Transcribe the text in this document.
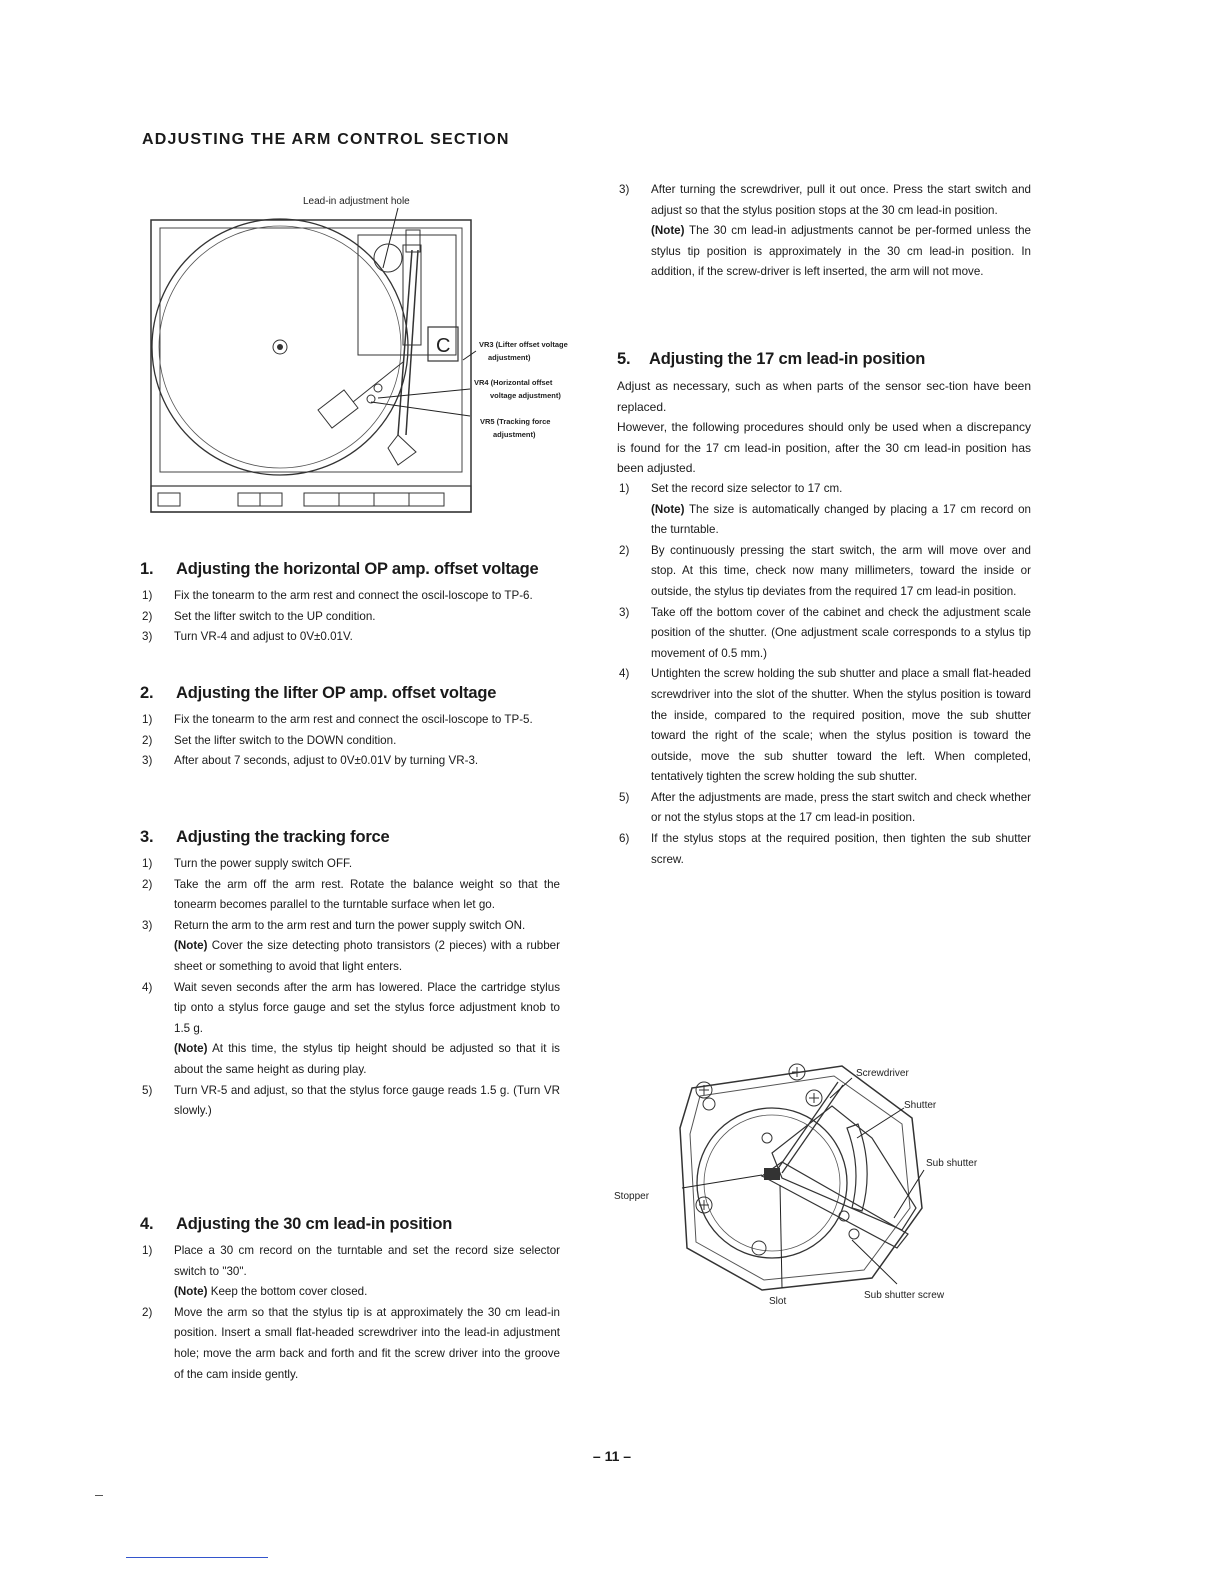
ADJUSTING THE ARM CONTROL SECTION
Lead-in adjustment hole
C	VR3 (Lifter offset voltage
adjustment)
VR4 (Horizontal offset
voltage adjustment)
VR5 (Tracking force
adjustment)
1. Adjusting the horizontal OP amp. offset voltage
1)	Fix the tonearm to the arm rest and connect the oscil-loscope to TP-6.
2)	Set the lifter switch to the UP condition.
3)	Turn VR-4 and adjust to 0V±0.01V.
2. Adjusting the lifter OP amp. offset voltage
1)	Fix the tonearm to the arm rest and connect the oscil-loscope to TP-5.
2)	Set the lifter switch to the DOWN condition.
3)	After about 7 seconds, adjust to 0V±0.01V by turning VR-3.
3. Adjusting the tracking force
1)	Turn the power supply switch OFF.
2)	Take the arm off the arm rest. Rotate the balance weight so that the tonearm becomes parallel to the turntable surface when let go.
3)	Return the arm to the arm rest and turn the power supply switch ON.
(Note) Cover the size detecting photo transistors (2 pieces) with a rubber sheet or something to avoid that light enters.
4)	Wait seven seconds after the arm has lowered. Place the cartridge stylus tip onto a stylus force gauge and set the stylus force adjustment knob to 1.5 g.
(Note) At this time, the stylus tip height should be adjusted so that it is about the same height as during play.
5)	Turn VR-5 and adjust, so that the stylus force gauge reads 1.5 g. (Turn VR slowly.)
4. Adjusting the 30 cm lead-in position
1)	Place a 30 cm record on the turntable and set the record size selector switch to "30".
(Note) Keep the bottom cover closed.
2)	Move the arm so that the stylus tip is at approximately the 30 cm lead-in position. Insert a small flat-headed screwdriver into the lead-in adjustment hole; move the arm back and forth and fit the screw driver into the groove of the cam inside gently.
3)	After turning the screwdriver, pull it out once. Press the start switch and adjust so that the stylus position stops at the 30 cm lead-in position.
(Note) The 30 cm lead-in adjustments cannot be per-formed unless the stylus tip position is approximately in the 30 cm lead-in position. In addition, if the screw-driver is left inserted, the arm will not move.
5. Adjusting the 17 cm lead-in position

Adjust as necessary, such as when parts of the sensor sec-tion have been replaced.

However, the following procedures should only be used when a discrepancy is found for the 17 cm lead-in position, after the 30 cm lead-in position has been adjusted.

1)	Set the record size selector to 17 cm.
(Note) The size is automatically changed by placing a 17 cm record on the turntable.
2)	By continuously pressing the start switch, the arm will move over and stop. At this time, check now many millimeters, toward the inside or outside, the stylus tip deviates from the required 17 cm lead-in position.
3)	Take off the bottom cover of the cabinet and check the adjustment scale position of the shutter. (One adjustment scale corresponds to a stylus tip movement of 0.5 mm.)
4)	Untighten the screw holding the sub shutter and place a small flat-headed screwdriver into the slot of the shutter. When the stylus position is toward the inside, compared to the required position, move the sub shutter toward the right of the scale; when the stylus position is toward the outside, move the sub shutter toward the left. When completed, tentatively tighten the screw holding the sub shutter.
5)	After the adjustments are made, press the start switch and check whether or not the stylus stops at the 17 cm lead-in position.
6)	If the stylus stops at the required position, then tighten the sub shutter screw.
Screwdriver
Shutter
Sub shutter
Stopper
Slot
Sub shutter screw
– 11 –
